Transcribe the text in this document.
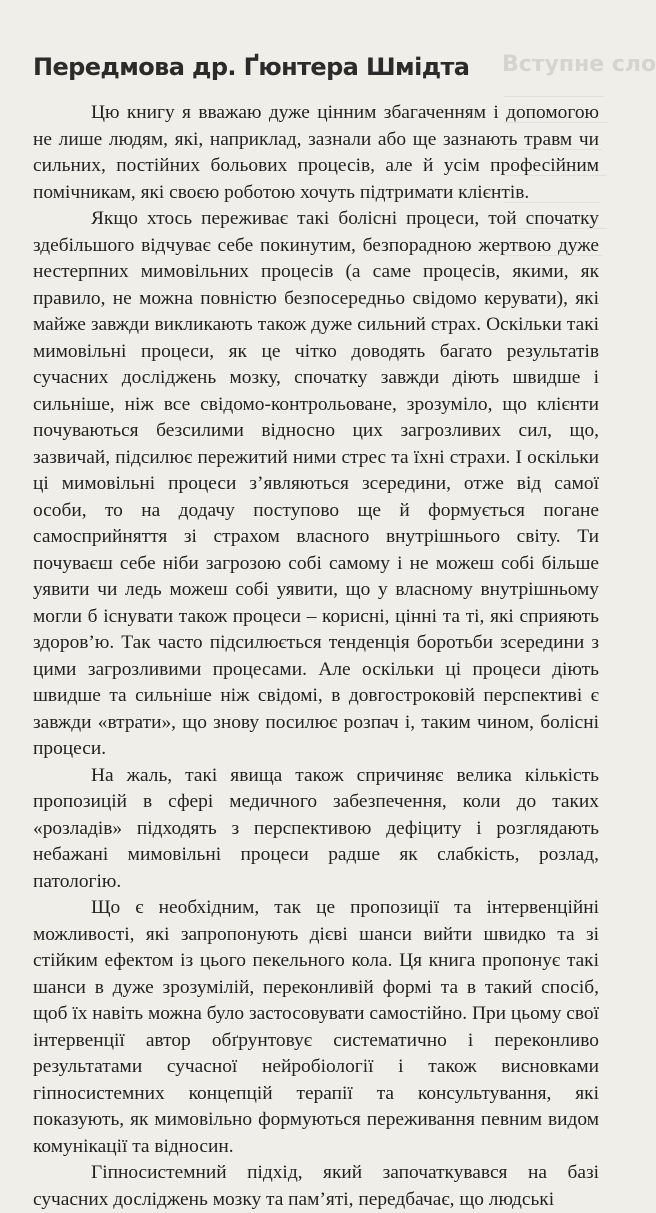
Вступне сло
Передмова др. Ґюнтера Шмідта

Цю книгу я вважаю дуже цінним збагаченням і допомогою не лише людям, які, наприклад, зазнали або ще зазнають травм чи сильних, постійних больових процесів, але й усім професійним помічникам, які своєю роботою хочуть підтримати клієнтів.

Якщо хтось переживає такі болісні процеси, той спочатку здебільшого відчуває себе покинутим, безпорадною жертвою дуже нестерпних мимовільних процесів (а саме процесів, якими, як правило, не можна повністю безпосередньо свідомо керувати), які майже завжди викликають також дуже сильний страх. Оскільки такі мимовільні процеси, як це чітко доводять багато результатів сучасних досліджень мозку, спочатку завжди діють швидше і сильніше, ніж все свідомо-контрольоване, зрозуміло, що клієнти почуваються безсилими відносно цих загрозливих сил, що, зазвичай, підсилює пережитий ними стрес та їхні страхи. І оскільки ці мимовільні процеси з’являються зсередини, отже від самої особи, то на додачу поступово ще й формується погане самосприйняття зі страхом власного внутрішнього світу. Ти почуваєш себе ніби загрозою собі самому і не можеш собі більше уявити чи ледь можеш собі уявити, що у власному внутрішньому могли б існувати також процеси – корисні, цінні та ті, які сприяють здоров’ю. Так часто підсилюється тенденція боротьби зсередини з цими загрозливими процесами. Але оскільки ці процеси діють швидше та сильніше ніж свідомі, в довгостроковій перспективі є завжди «втрати», що знову посилює розпач і, таким чином, болісні процеси.

На жаль, такі явища також спричиняє велика кількість пропозицій в сфері медичного забезпечення, коли до таких «розладів» підходять з перспективою дефіциту і розглядають небажані мимовільні процеси радше як слабкість, розлад, патологію.

Що є необхідним, так це пропозиції та інтервенційні можливості, які запропонують дієві шанси вийти швидко та зі стійким ефектом із цього пекельного кола. Ця книга пропонує такі шанси в дуже зрозумілій, переконливій формі та в такий спосіб, щоб їх навіть можна було застосовувати самостійно. При цьому свої інтервенції автор обґрунтовує систематично і переконливо результатами сучасної нейробіології і також висновками гіпносистемних концепцій терапії та консультування, які показують, як мимовільно формуються переживання певним видом комунікації та відносин.

Гіпносистемний підхід, який започаткувався на базі сучасних досліджень мозку та пам’яті, передбачає, що людські
